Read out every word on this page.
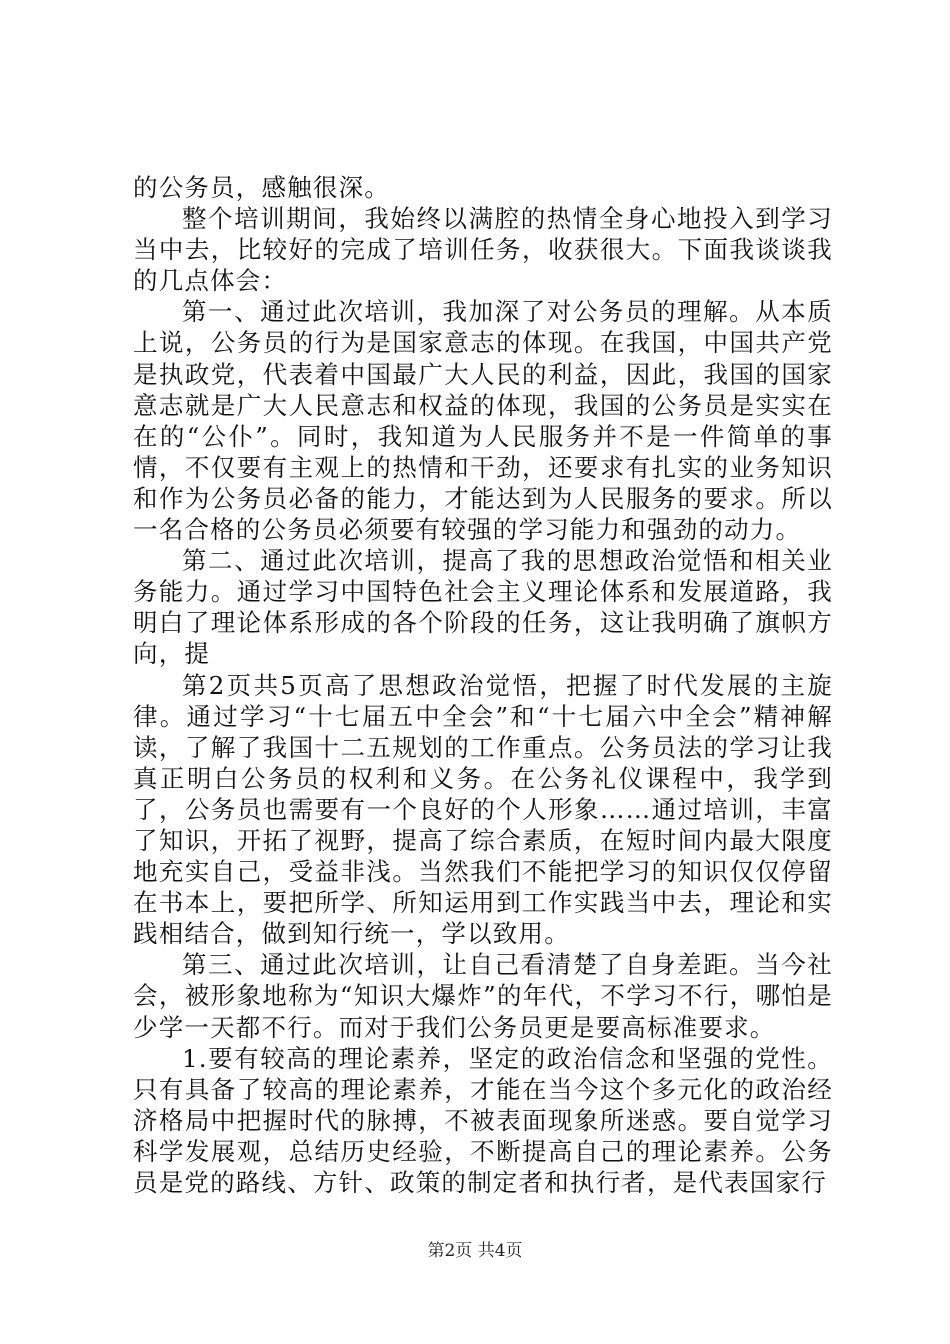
的公务员，感触很深。

整个培训期间，我始终以满腔的热情全身心地投入到学习当中去，比较好的完成了培训任务，收获很大。下面我谈谈我的几点体会：

第一、通过此次培训，我加深了对公务员的理解。从本质上说，公务员的行为是国家意志的体现。在我国，中国共产党是执政党，代表着中国最广大人民的利益，因此，我国的国家意志就是广大人民意志和权益的体现，我国的公务员是实实在在的“公仆”。同时，我知道为人民服务并不是一件简单的事情，不仅要有主观上的热情和干劲，还要求有扎实的业务知识和作为公务员必备的能力，才能达到为人民服务的要求。所以一名合格的公务员必须要有较强的学习能力和强劲的动力。

第二、通过此次培训，提高了我的思想政治觉悟和相关业务能力。通过学习中国特色社会主义理论体系和发展道路，我明白了理论体系形成的各个阶段的任务，这让我明确了旗帜方向，提

第2页共5页高了思想政治觉悟，把握了时代发展的主旋律。通过学习“十七届五中全会”和“十七届六中全会”精神解读，了解了我国十二五规划的工作重点。公务员法的学习让我真正明白公务员的权利和义务。在公务礼仪课程中，我学到了，公务员也需要有一个良好的个人形象……通过培训，丰富了知识，开拓了视野，提高了综合素质，在短时间内最大限度地充实自己，受益非浅。当然我们不能把学习的知识仅仅停留在书本上，要把所学、所知运用到工作实践当中去，理论和实践相结合，做到知行统一，学以致用。

第三、通过此次培训，让自己看清楚了自身差距。当今社会，被形象地称为“知识大爆炸”的年代，不学习不行，哪怕是少学一天都不行。而对于我们公务员更是要高标准要求。

1.要有较高的理论素养，坚定的政治信念和坚强的党性。只有具备了较高的理论素养，才能在当今这个多元化的政治经济格局中把握时代的脉搏，不被表面现象所迷惑。要自觉学习科学发展观，总结历史经验，不断提高自己的理论素养。公务员是党的路线、方针、政策的制定者和执行者，是代表国家行

第2页 共4页
